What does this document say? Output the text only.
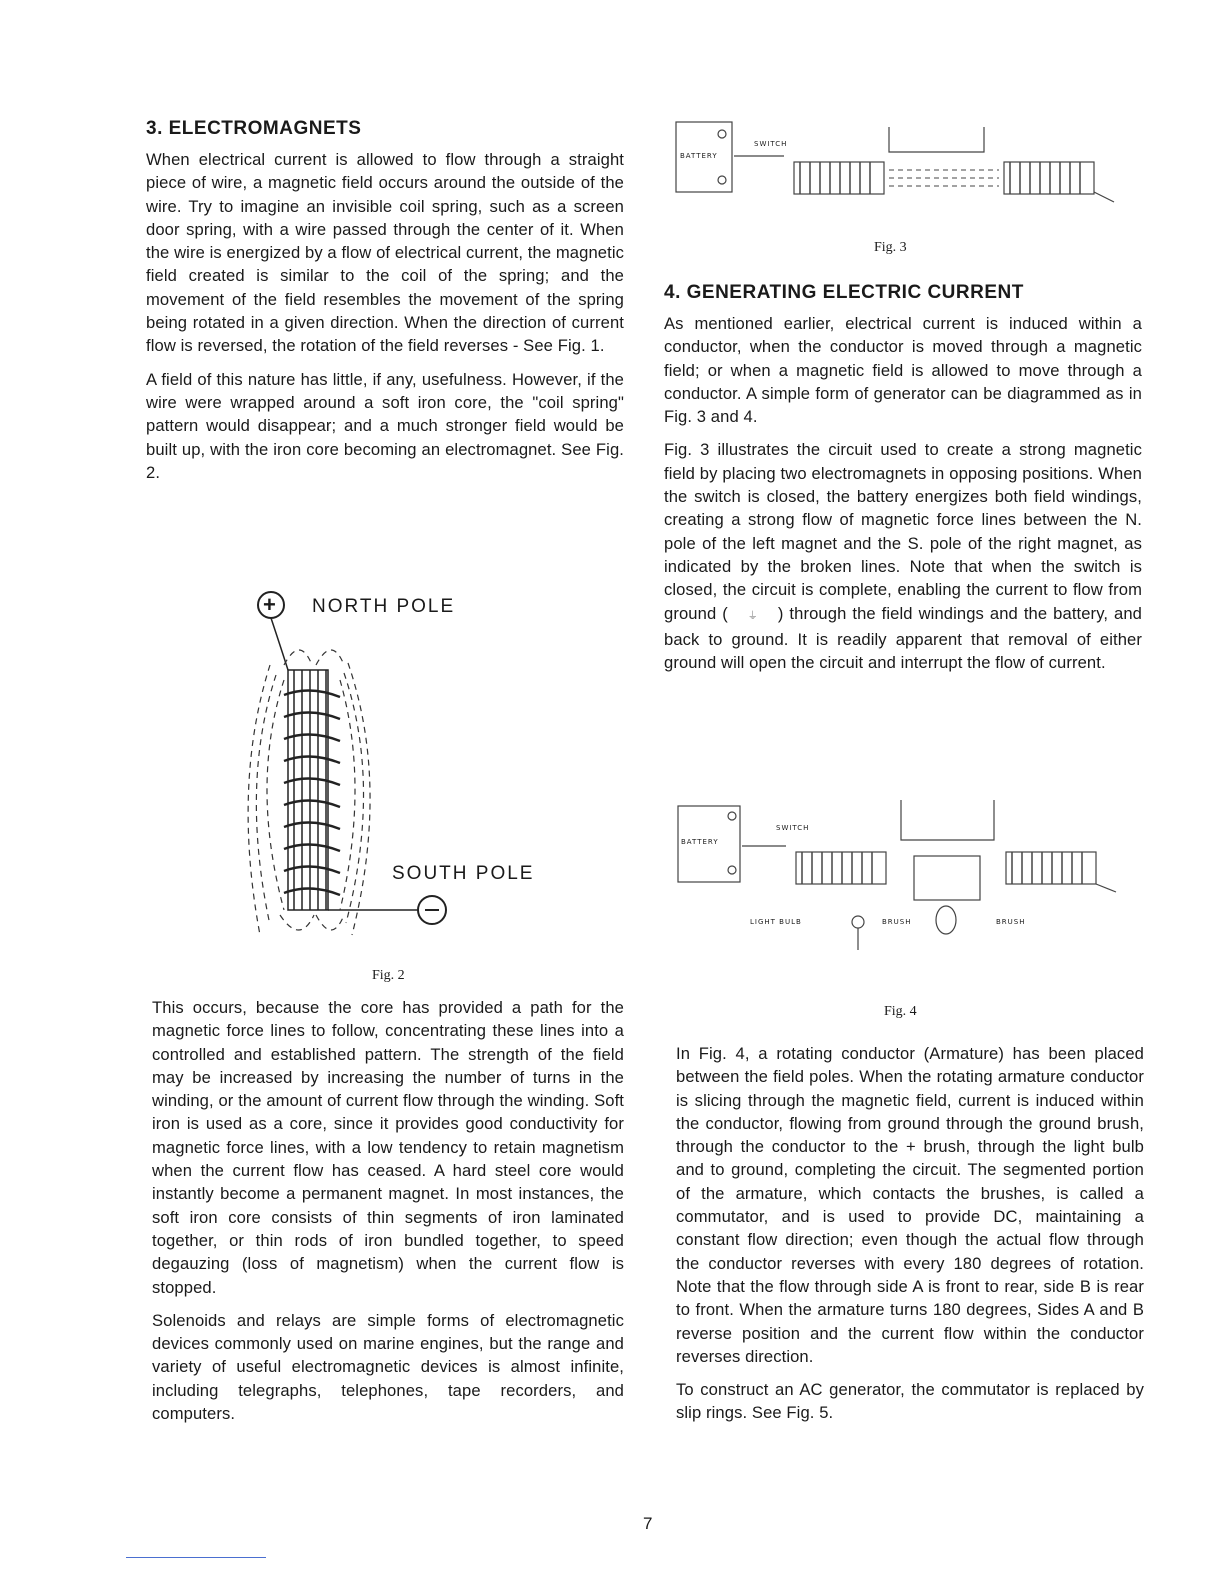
3. ELECTROMAGNETS

When electrical current is allowed to flow through a straight piece of wire, a magnetic field occurs around the outside of the wire. Try to imagine an invisible coil spring, such as a screen door spring, with a wire passed through the center of it. When the wire is energized by a flow of electrical current, the magnetic field created is similar to the coil of the spring; and the movement of the field resembles the movement of the spring being rotated in a given direction. When the direction of current flow is reversed, the rotation of the field reverses - See Fig. 1.

A field of this nature has little, if any, usefulness. However, if the wire were wrapped around a soft iron core, the "coil spring" pattern would disappear; and a much stronger field would be built up, with the iron core becoming an electromagnet. See Fig. 2.

+ NORTH POLE
SOUTH POLE
Fig. 2

This occurs, because the core has provided a path for the magnetic force lines to follow, concentrating these lines into a controlled and established pattern. The strength of the field may be increased by increasing the number of turns in the winding, or the amount of current flow through the winding. Soft iron is used as a core, since it provides good conductivity for magnetic force lines, with a low tendency to retain magnetism when the current flow has ceased. A hard steel core would instantly become a permanent magnet. In most instances, the soft iron core consists of thin segments of iron laminated together, or thin rods of iron bundled together, to speed degauzing (loss of magnetism) when the current flow is stopped.

Solenoids and relays are simple forms of electromagnetic devices commonly used on marine engines, but the range and variety of useful electromagnetic devices is almost infinite, including telegraphs, telephones, tape recorders, and computers.

BATTERY
SWITCH
Fig. 3
4. GENERATING ELECTRIC CURRENT

As mentioned earlier, electrical current is induced within a conductor, when the conductor is moved through a magnetic field; or when a magnetic field is allowed to move through a conductor. A simple form of generator can be diagrammed as in Fig. 3 and 4.

Fig. 3 illustrates the circuit used to create a strong magnetic field by placing two electromagnets in opposing positions. When the switch is closed, the battery energizes both field windings, creating a strong flow of magnetic force lines between the N. pole of the left magnet and the S. pole of the right magnet, as indicated by the broken lines. Note that when the switch is closed, the circuit is complete, enabling the current to flow from ground ( ⏚ ) through the field windings and the battery, and back to ground. It is readily apparent that removal of either ground will open the circuit and interrupt the flow of current.

BATTERY
SWITCH
LIGHT BULB	BRUSH	BRUSH
Fig. 4

In Fig. 4, a rotating conductor (Armature) has been placed between the field poles. When the rotating armature conductor is slicing through the magnetic field, current is induced within the conductor, flowing from ground through the ground brush, through the conductor to the + brush, through the light bulb and to ground, completing the circuit. The segmented portion of the armature, which contacts the brushes, is called a commutator, and is used to provide DC, maintaining a constant flow direction; even though the actual flow through the conductor reverses with every 180 degrees of rotation. Note that the flow through side A is front to rear, side B is rear to front. When the armature turns 180 degrees, Sides A and B reverse position and the current flow within the conductor reverses direction.

To construct an AC generator, the commutator is replaced by slip rings. See Fig. 5.

7
